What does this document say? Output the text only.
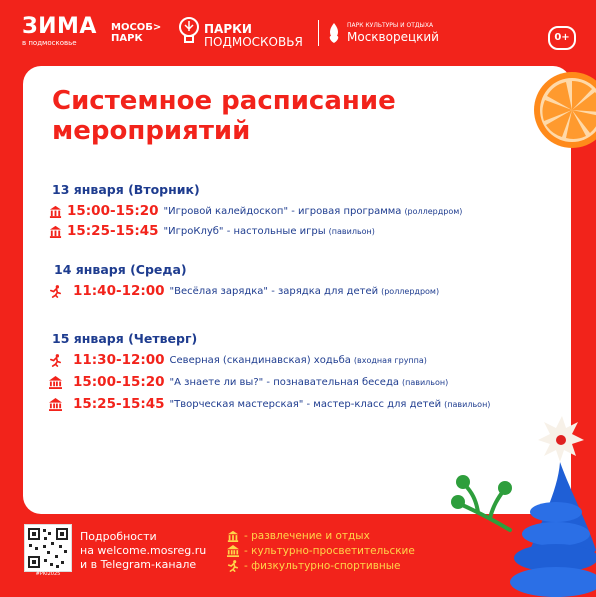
ЗИМА
в подмосковье
МОСОБ>
ПАРК
ПАРКИ
ПОДМОСКОВЬЯ
ПАРК КУЛЬТУРЫ И ОТДЫХА
Москворецкий	0+
Системное расписание
мероприятий
13 января (Вторник)
15:00-15:20 "Игровой калейдоскоп" - игровая программа (роллердром)
15:25-15:45 "ИгроКлуб" - настольные игры (павильон)
14 января (Среда)
11:40-12:00 "Весёлая зарядка" - зарядка для детей (роллердром)
15 января (Четверг)
11:30-12:00 Северная (скандинавская) ходьба (входная группа)
15:00-15:20 "А знаете ли вы?" - познавательная беседа (павильон)
15:25-15:45 "Творческая мастерская" - мастер-класс для детей (павильон)
#PKI2025
Подробности
на welcome.mosreg.ru
и в Telegram-канале
- развлечение и отдых
- культурно-просветительские
- физкультурно-спортивные
